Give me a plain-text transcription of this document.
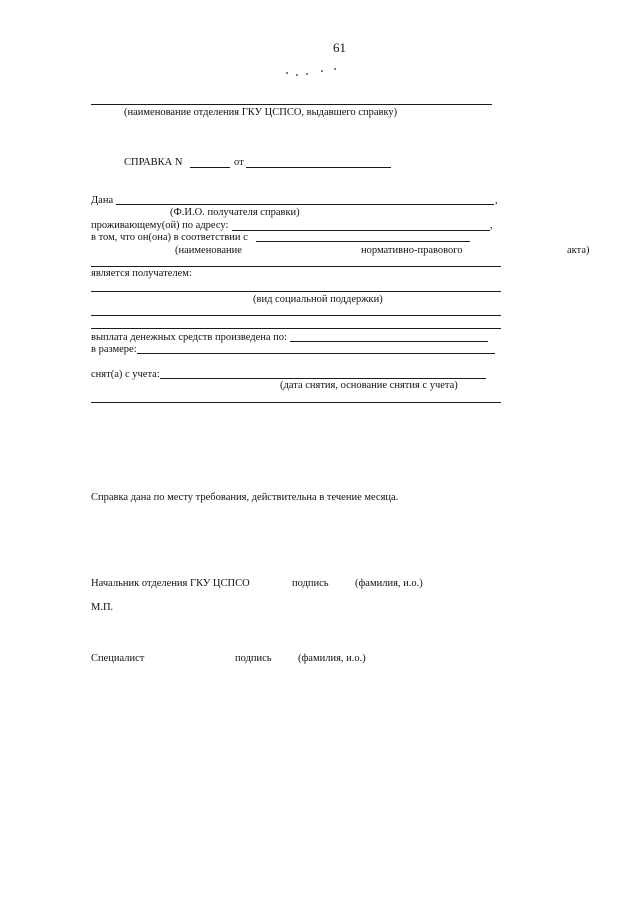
61
(наименование отделения ГКУ ЦСПСО, выдавшего справку)
СПРАВКА N	от
Дана	,
(Ф.И.О. получателя справки)
проживающему(ой) по адресу:	,
в том, что он(она) в соответствии с
(наименование	нормативно-правового	акта)
является получателем:
(вид социальной поддержки)
выплата денежных средств произведена по:
в размере:
снят(а) с учета:
(дата снятия, основание снятия с учета)
Справка дана по месту требования, действительна в течение месяца.
Начальник отделения ГКУ ЦСПСО	подпись	(фамилия, и.о.)
М.П.
Специалист	подпись	(фамилия, и.о.)
